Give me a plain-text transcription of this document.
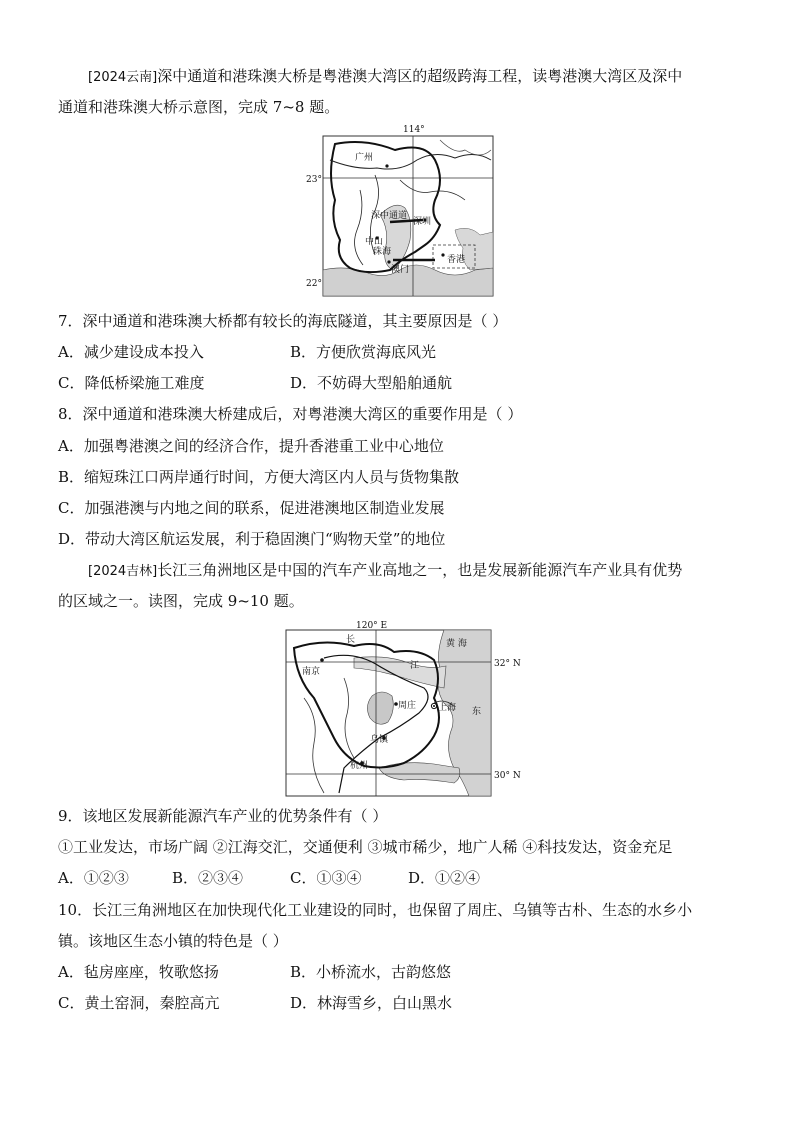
[2024云南]深中通道和港珠澳大桥是粤港澳大湾区的超级跨海工程，读粤港澳大湾区及深中
通道和港珠澳大桥示意图，完成 7~8 题。
114°
23°
22°
广州
深中通道
深圳
中山
珠海
澳门
香港
7．深中通道和港珠澳大桥都有较长的海底隧道，其主要原因是（ ）
A．减少建设成本投入	B．方便欣赏海底风光
C．降低桥梁施工难度	D．不妨碍大型船舶通航
8．深中通道和港珠澳大桥建成后，对粤港澳大湾区的重要作用是（ ）
A．加强粤港澳之间的经济合作，提升香港重工业中心地位
B．缩短珠江口两岸通行时间，方便大湾区内人员与货物集散
C．加强港澳与内地之间的联系，促进港澳地区制造业发展
D．带动大湾区航运发展，利于稳固澳门“购物天堂”的地位
[2024吉林]长江三角洲地区是中国的汽车产业高地之一，也是发展新能源汽车产业具有优势
的区域之一。读图，完成 9~10 题。
120° E
32° N
30° N
长
江
黄 海
南京
周庄 上海 东
乌镇
杭州
9．该地区发展新能源汽车产业的优势条件有（ ）
①工业发达，市场广阔 ②江海交汇，交通便利 ③城市稀少，地广人稀 ④科技发达，资金充足
A．①②③	B．②③④	C．①③④	D．①②④
10．长江三角洲地区在加快现代化工业建设的同时，也保留了周庄、乌镇等古朴、生态的水乡小
镇。该地区生态小镇的特色是（ ）
A．毡房座座，牧歌悠扬	B．小桥流水，古韵悠悠
C．黄土窑洞，秦腔高亢	D．林海雪乡，白山黑水
